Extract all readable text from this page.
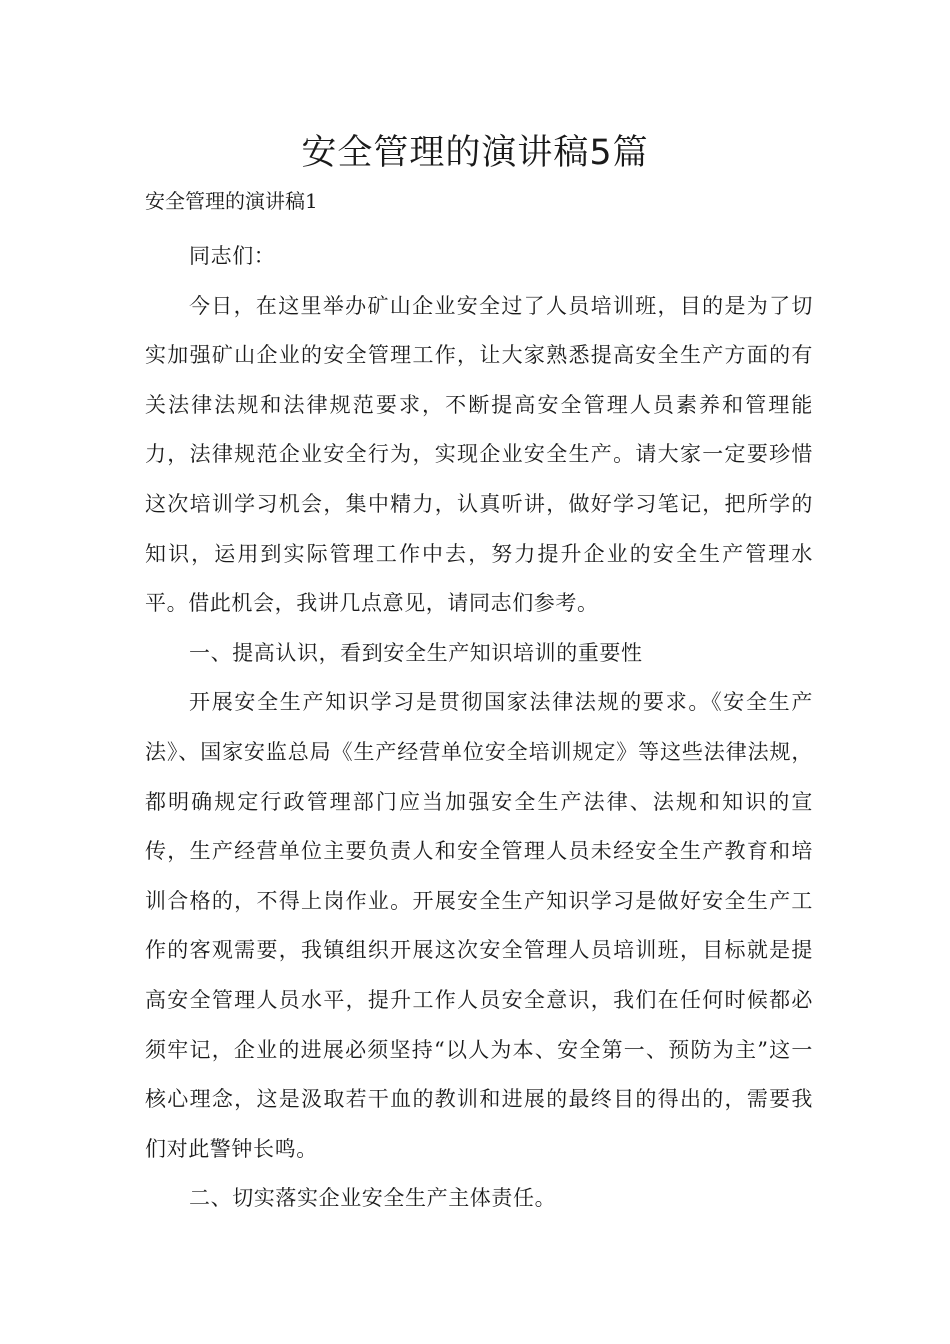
安全管理的演讲稿5篇

安全管理的演讲稿1

同志们：

今日，在这里举办矿山企业安全过了人员培训班，目的是为了切实加强矿山企业的安全管理工作，让大家熟悉提高安全生产方面的有关法律法规和法律规范要求，不断提高安全管理人员素养和管理能力，法律规范企业安全行为，实现企业安全生产。请大家一定要珍惜这次培训学习机会，集中精力，认真听讲，做好学习笔记，把所学的知识，运用到实际管理工作中去，努力提升企业的安全生产管理水平。借此机会，我讲几点意见，请同志们参考。

一、提高认识，看到安全生产知识培训的重要性

开展安全生产知识学习是贯彻国家法律法规的要求。《安全生产法》、国家安监总局《生产经营单位安全培训规定》等这些法律法规，都明确规定行政管理部门应当加强安全生产法律、法规和知识的宣传，生产经营单位主要负责人和安全管理人员未经安全生产教育和培训合格的，不得上岗作业。开展安全生产知识学习是做好安全生产工作的客观需要，我镇组织开展这次安全管理人员培训班，目标就是提高安全管理人员水平，提升工作人员安全意识，我们在任何时候都必须牢记，企业的进展必须坚持“以人为本、安全第一、预防为主”这一核心理念，这是汲取若干血的教训和进展的最终目的得出的，需要我们对此警钟长鸣。

二、切实落实企业安全生产主体责任。
